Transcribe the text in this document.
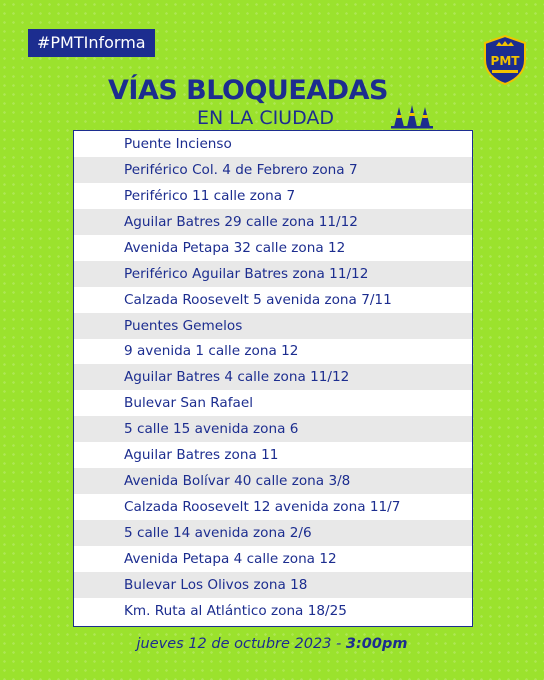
#PMTInforma
PMT
VÍAS BLOQUEADAS
EN LA CIUDAD
Puente Incienso
Periférico Col. 4 de Febrero zona 7
Periférico 11 calle zona 7
Aguilar Batres 29 calle zona 11/12
Avenida Petapa 32 calle zona 12
Periférico Aguilar Batres zona 11/12
Calzada Roosevelt 5 avenida zona 7/11
Puentes Gemelos
9 avenida 1 calle zona 12
Aguilar Batres 4 calle zona 11/12
Bulevar San Rafael
5 calle 15 avenida zona 6
Aguilar Batres zona 11
Avenida Bolívar 40 calle zona 3/8
Calzada Roosevelt 12 avenida zona 11/7
5 calle 14 avenida zona 2/6
Avenida Petapa 4 calle zona 12
Bulevar Los Olivos zona 18
Km. Ruta al Atlántico zona 18/25
jueves 12 de octubre 2023 - 3:00pm
